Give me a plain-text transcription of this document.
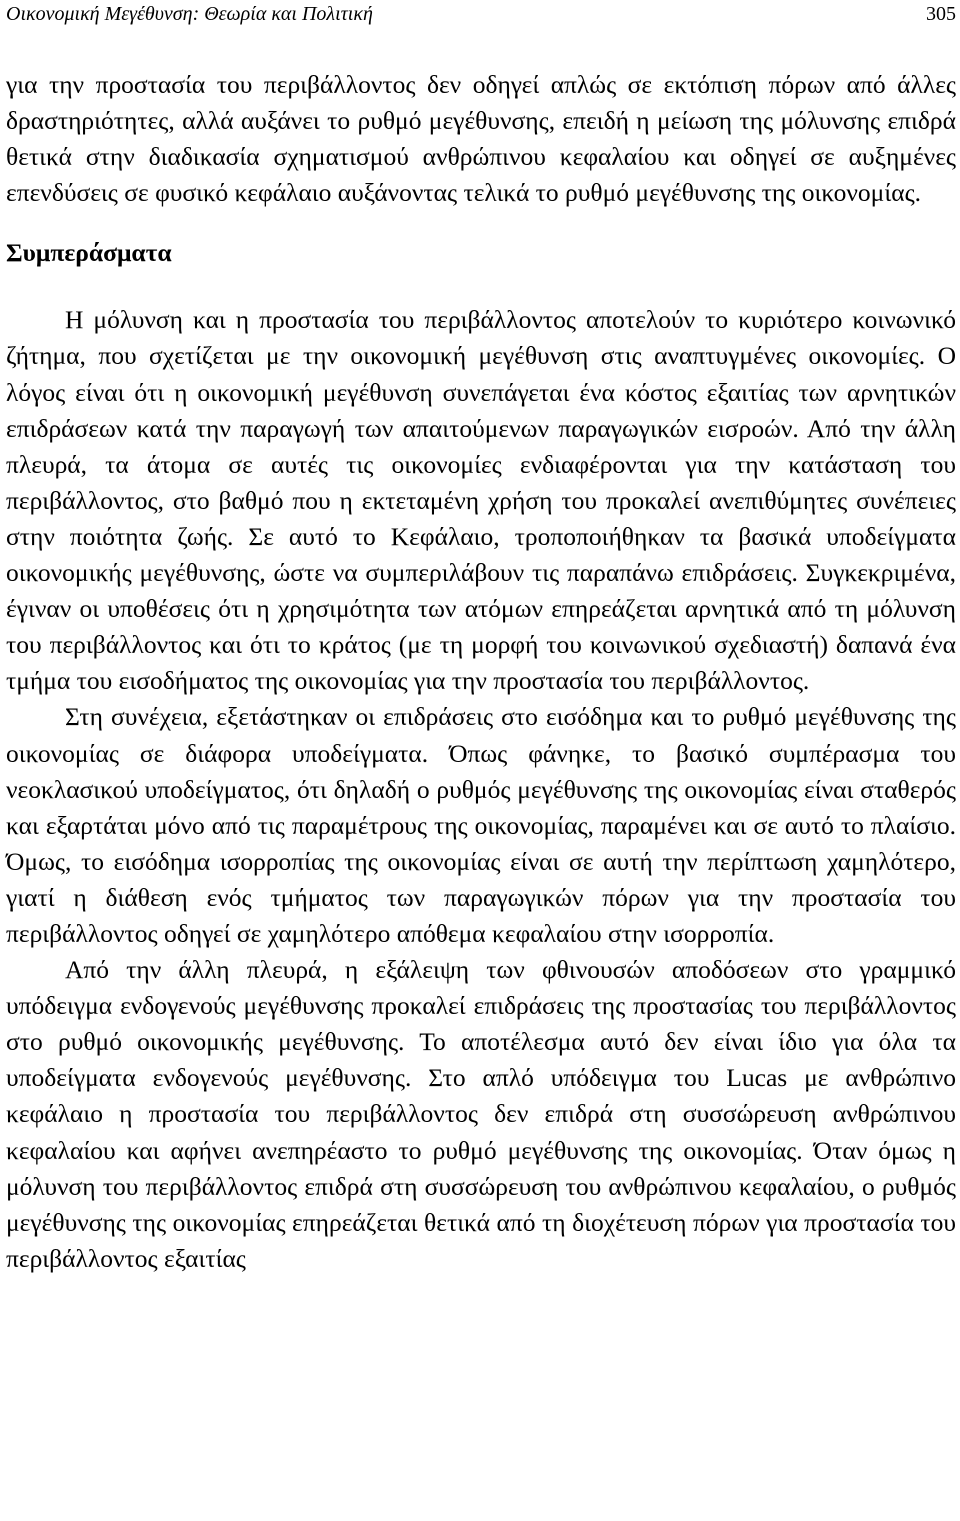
Οικονομική Μεγέθυνση: Θεωρία και Πολιτική	305

για την προστασία του περιβάλλοντος δεν οδηγεί απλώς σε εκτόπιση πόρων από άλλες δραστηριότητες, αλλά αυξάνει το ρυθμό μεγέθυνσης, επειδή η μείωση της μόλυνσης επιδρά θετικά στην διαδικασία σχηματισμού ανθρώπινου κεφαλαίου και οδηγεί σε αυξημένες επενδύσεις σε φυσικό κεφάλαιο αυξάνοντας τελικά το ρυθμό μεγέθυνσης της οικονομίας.

Συμπεράσματα

Η μόλυνση και η προστασία του περιβάλλοντος αποτελούν το κυριότερο κοινωνικό ζήτημα, που σχετίζεται με την οικονομική μεγέθυνση στις αναπτυγμένες οικονομίες. Ο λόγος είναι ότι η οικονομική μεγέθυνση συνεπάγεται ένα κόστος εξαιτίας των αρνητικών επιδράσεων κατά την παραγωγή των απαιτούμενων παραγωγικών εισροών. Από την άλλη πλευρά, τα άτομα σε αυτές τις οικονομίες ενδιαφέρονται για την κατάσταση του περιβάλλοντος, στο βαθμό που η εκτεταμένη χρήση του προκαλεί ανεπιθύμητες συνέπειες στην ποιότητα ζωής. Σε αυτό το Κεφάλαιο, τροποποιήθηκαν τα βασικά υποδείγματα οικονομικής μεγέθυνσης, ώστε να συμπεριλάβουν τις παραπάνω επιδράσεις. Συγκεκριμένα, έγιναν οι υποθέσεις ότι η χρησιμότητα των ατόμων επηρεάζεται αρνητικά από τη μόλυνση του περιβάλλοντος και ότι το κράτος (με τη μορφή του κοινωνικού σχεδιαστή) δαπανά ένα τμήμα του εισοδήματος της οικονομίας για την προστασία του περιβάλλοντος.

Στη συνέχεια, εξετάστηκαν οι επιδράσεις στο εισόδημα και το ρυθμό μεγέθυνσης της οικονομίας σε διάφορα υποδείγματα. Όπως φάνηκε, το βασικό συμπέρασμα του νεοκλασικού υποδείγματος, ότι δηλαδή ο ρυθμός μεγέθυνσης της οικονομίας είναι σταθερός και εξαρτάται μόνο από τις παραμέτρους της οικονομίας, παραμένει και σε αυτό το πλαίσιο. Όμως, το εισόδημα ισορροπίας της οικονομίας είναι σε αυτή την περίπτωση χαμηλότερο, γιατί η διάθεση ενός τμήματος των παραγωγικών πόρων για την προστασία του περιβάλλοντος οδηγεί σε χαμηλότερο απόθεμα κεφαλαίου στην ισορροπία.

Από την άλλη πλευρά, η εξάλειψη των φθινουσών αποδόσεων στο γραμμικό υπόδειγμα ενδογενούς μεγέθυνσης προκαλεί επιδράσεις της προστασίας του περιβάλλοντος στο ρυθμό οικονομικής μεγέθυνσης. Το αποτέλεσμα αυτό δεν είναι ίδιο για όλα τα υποδείγματα ενδογενούς μεγέθυνσης. Στο απλό υπόδειγμα του Lucas με ανθρώπινο κεφάλαιο η προστασία του περιβάλλοντος δεν επιδρά στη συσσώρευση ανθρώπινου κεφαλαίου και αφήνει ανεπηρέαστο το ρυθμό μεγέθυνσης της οικονομίας. Όταν όμως η μόλυνση του περιβάλλοντος επιδρά στη συσσώρευση του ανθρώπινου κεφαλαίου, ο ρυθμός μεγέθυνσης της οικονομίας επηρεάζεται θετικά από τη διοχέτευση πόρων για προστασία του περιβάλλοντος εξαιτίας
